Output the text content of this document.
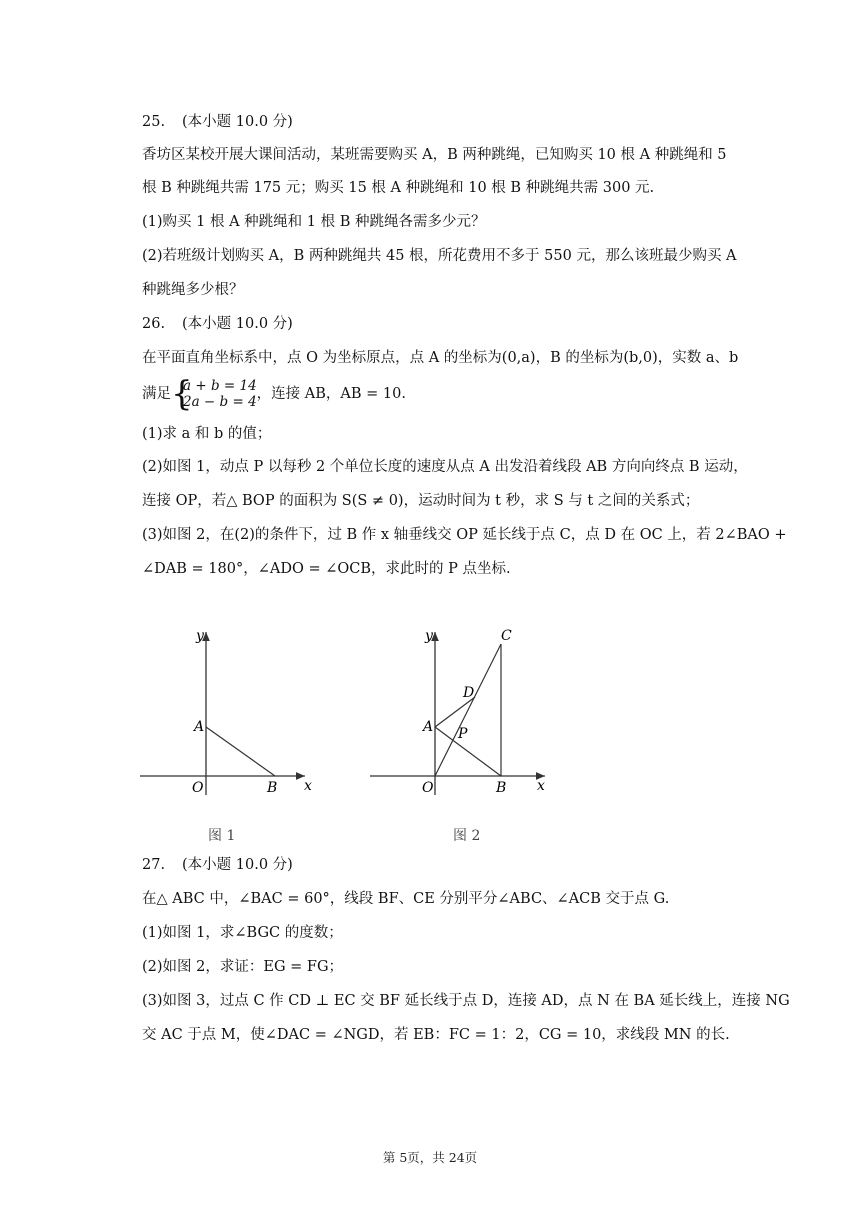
25. (本小题 10.0 分)
香坊区某校开展大课间活动，某班需要购买 A，B 两种跳绳，已知购买 10 根 A 种跳绳和 5
根 B 种跳绳共需 175 元；购买 15 根 A 种跳绳和 10 根 B 种跳绳共需 300 元.
(1)购买 1 根 A 种跳绳和 1 根 B 种跳绳各需多少元？
(2)若班级计划购买 A，B 两种跳绳共 45 根，所花费用不多于 550 元，那么该班最少购买 A
种跳绳多少根？
26. (本小题 10.0 分)
在平面直角坐标系中，点 O 为坐标原点，点 A 的坐标为(0,a)，B 的坐标为(b,0)，实数 a、b
满足 {
a + b = 14
2a − b = 4 ，连接 AB，AB = 10.
(1)求 a 和 b 的值；
(2)如图 1，动点 P 以每秒 2 个单位长度的速度从点 A 出发沿着线段 AB 方向向终点 B 运动，
连接 OP，若△ BOP 的面积为 S(S ≠ 0)，运动时间为 t 秒，求 S 与 t 之间的关系式；
(3)如图 2，在(2)的条件下，过 B 作 x 轴垂线交 OP 延长线于点 C，点 D 在 OC 上，若 2∠BAO +
∠DAB = 180°，∠ADO = ∠OCB，求此时的 P 点坐标.
y
x
A
O	B
图 1
y
x
C
D
A P
O	B
图 2
27. (本小题 10.0 分)
在△ ABC 中，∠BAC = 60°，线段 BF、CE 分别平分∠ABC、∠ACB 交于点 G.
(1)如图 1，求∠BGC 的度数；
(2)如图 2，求证：EG = FG；
(3)如图 3，过点 C 作 CD ⊥ EC 交 BF 延长线于点 D，连接 AD，点 N 在 BA 延长线上，连接 NG
交 AC 于点 M，使∠DAC = ∠NGD，若 EB：FC = 1：2，CG = 10，求线段 MN 的长.
第 5页，共 24页
